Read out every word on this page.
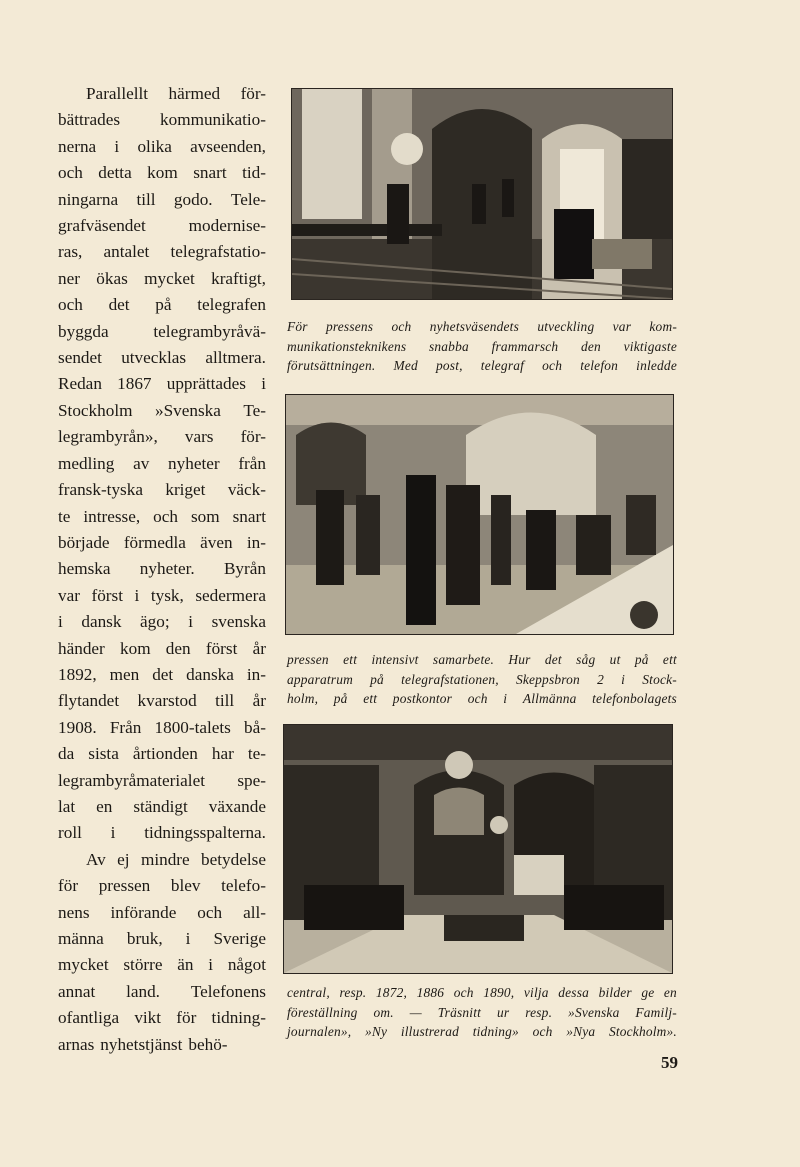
Parallellt härmed för-
bättrades kommunikatio-
nerna i olika avseenden,
och detta kom snart tid-
ningarna till godo. Tele-
grafväsendet modernise-
ras, antalet telegrafstatio-
ner ökas mycket kraftigt,
och det på telegrafen
byggda	telegrambyråvä-
sendet utvecklas alltmera.
Redan 1867 upprättades i
Stockholm »Svenska Te-
legrambyrån», vars för-
medling av nyheter från
fransk-tyska kriget väck-
te intresse, och som snart
började förmedla även in-
hemska nyheter. Byrån
var först i tysk, sedermera
i dansk ägo; i svenska
händer kom den först år
1892, men det danska in-
flytandet kvarstod till år
1908. Från 1800-talets bå-
da sista årtionden har te-
legrambyråmaterialet spe-
lat en ständigt växande
roll i tidningsspalterna.
Av ej mindre betydelse
för pressen blev telefo-
nens införande och all-
männa bruk, i Sverige
mycket större än i något
annat land. Telefonens
ofantliga vikt för tidning-
arnas nyhetstjänst behö-
För pressens och nyhetsväsendets utveckling var kom-
munikationsteknikens snabba frammarsch den viktigaste
förutsättningen. Med post, telegraf och telefon inledde
pressen ett intensivt samarbete. Hur det såg ut på ett
apparatrum på telegrafstationen, Skeppsbron 2 i Stock-
holm, på ett postkontor och i Allmänna telefonbolagets
central, resp. 1872, 1886 och 1890, vilja dessa bilder ge en
föreställning om. — Träsnitt ur resp. »Svenska Familj-
journalen», »Ny illustrerad tidning» och »Nya Stockholm».
59
